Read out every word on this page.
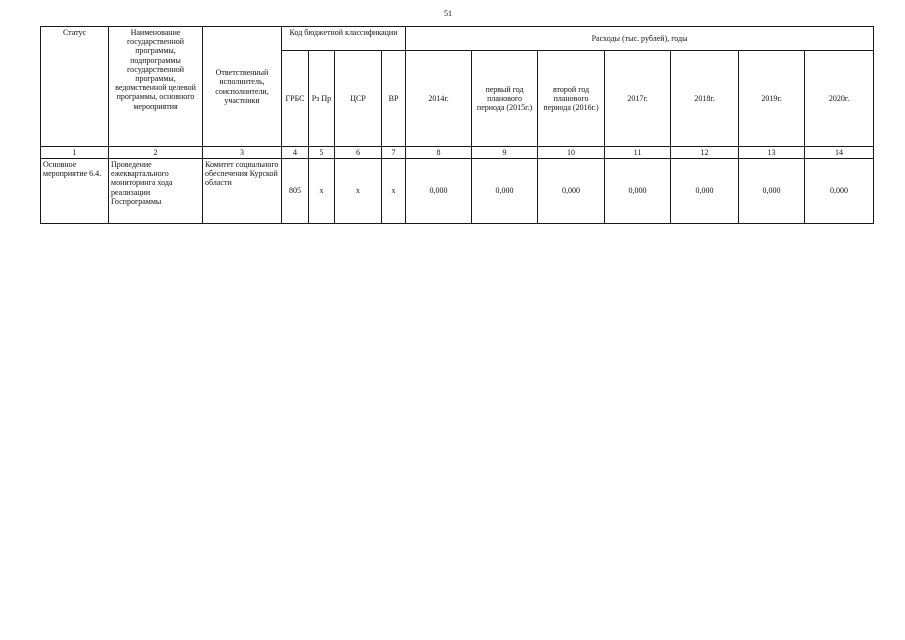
51
Статус	Наименование государственной программы, подпрограммы государственной программы, ведомственной целевой программы, основного мероприятия	Ответственный исполнитель, соисполнители, участники	Код бюджетной классификации				Расходы (тыс. рублей), годы						
			ГРБС	Рз Пр	ЦСР	ВР	2014г.	первый год планового периода (2015г.)	второй год планового периода (2016г.)	2017г.	2018г.	2019г.	2020г.
1	2	3	4	5	6	7	8	9	10	11	12	13	14
Основное мероприятие 6.4.	Проведение ежеквартального мониторинга хода реализации Госпрограммы	Комитет социального обеспечения Курской области	805	х	х	х	0,000	0,000	0,000	0,000	0,000	0,000	0,000
